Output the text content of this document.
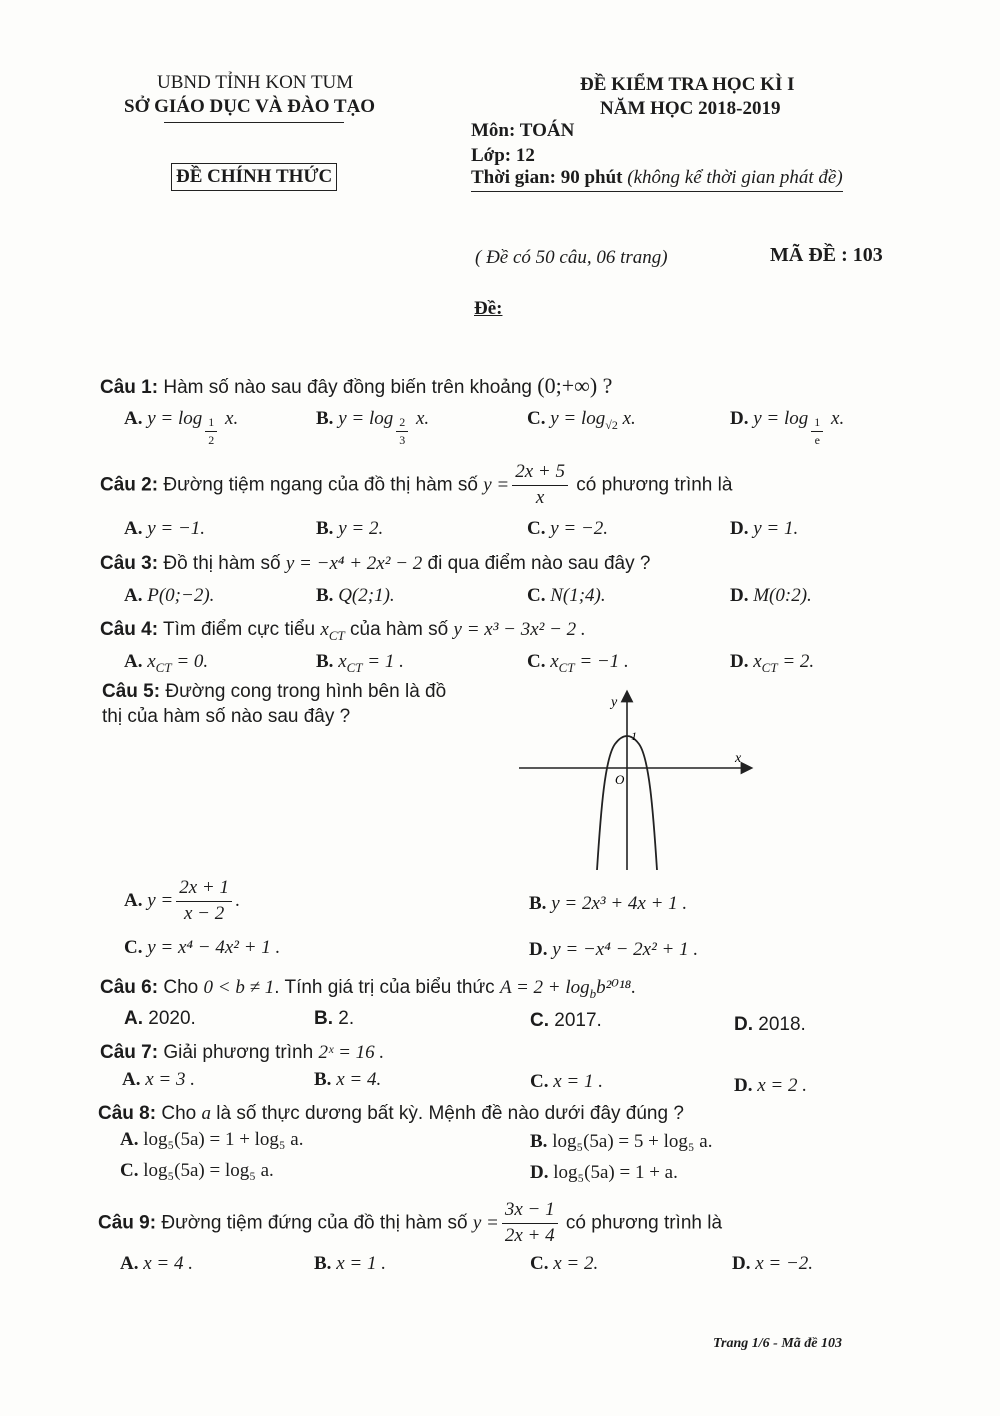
UBND TỈNH KON TUM
SỞ GIÁO DỤC VÀ ĐÀO TẠO
ĐỀ CHÍNH THỨC
ĐỀ KIỂM TRA HỌC KÌ I
NĂM HỌC 2018-2019
Môn: TOÁN
Lớp: 12
Thời gian: 90 phút (không kể thời gian phát đề)
( Đề có 50 câu, 06 trang)	MÃ ĐỀ : 103
Đề:
Câu 1: Hàm số nào sau đây đồng biến trên khoảng (0;+∞) ?
A. $y = \log \frac{1}{2} x$.	B. $y = \log \frac{2}{3} x$.	C. $y = \log_{√2} x$.	D. $y = \log \frac{1}{e} x$.
Câu 2: Đường tiệm ngang của đồ thị hàm số $y = \frac{2x + 5}{x}$ có phương trình là
A. y = −1.	B. y = 2.	C. y = −2.	D. y = 1.
Câu 3: Đồ thị hàm số y = −x⁴ + 2x² − 2 đi qua điểm nào sau đây ?
A. P(0;−2).	B. Q(2;1).	C. N(1;4).	D. M(0:2).
Câu 4: Tìm điểm cực tiểu $x_{CT}$ của hàm số y = x³ − 3x² − 2 .
A. $x_{CT} = 0$.	B. $x_{CT} = 1$ .	C. $x_{CT} = -1$ .	D. $x_{CT} = 2$.
Câu 5: Đường cong trong hình bên là đồ
thị của hàm số nào sau đây ?
y
x
O
1
A. $y = \frac{2x + 1}{x - 2}$ .	B. y = 2x³ + 4x + 1 .
C. y = x⁴ − 4x² + 1 .	D. y = −x⁴ − 2x² + 1 .
Câu 6: Cho 0 < b ≠ 1. Tính giá trị của biểu thức $A = 2 + \log_bb^{2018}$.
A. 2020.	B. 2.	C. 2017.	D. 2018.
Câu 7: Giải phương trình 2ˣ = 16 .
A. x = 3 .	B. x = 4.	C. x = 1 .	D. x = 2 .
Câu 8: Cho a là số thực dương bất kỳ. Mệnh đề nào dưới đây đúng ?
A. log₅(5a) = 1 + log₅ a.	B. log₅(5a) = 5 + log₅ a.
C. log₅(5a) = log₅ a.	D. log₅(5a) = 1 + a.
Câu 9: Đường tiệm đứng của đồ thị hàm số $y = \frac{3x - 1}{2x + 4}$ có phương trình là
A. x = 4 .	B. x = 1 .	C. x = 2.	D. x = −2.
Trang 1/6 - Mã đề 103
